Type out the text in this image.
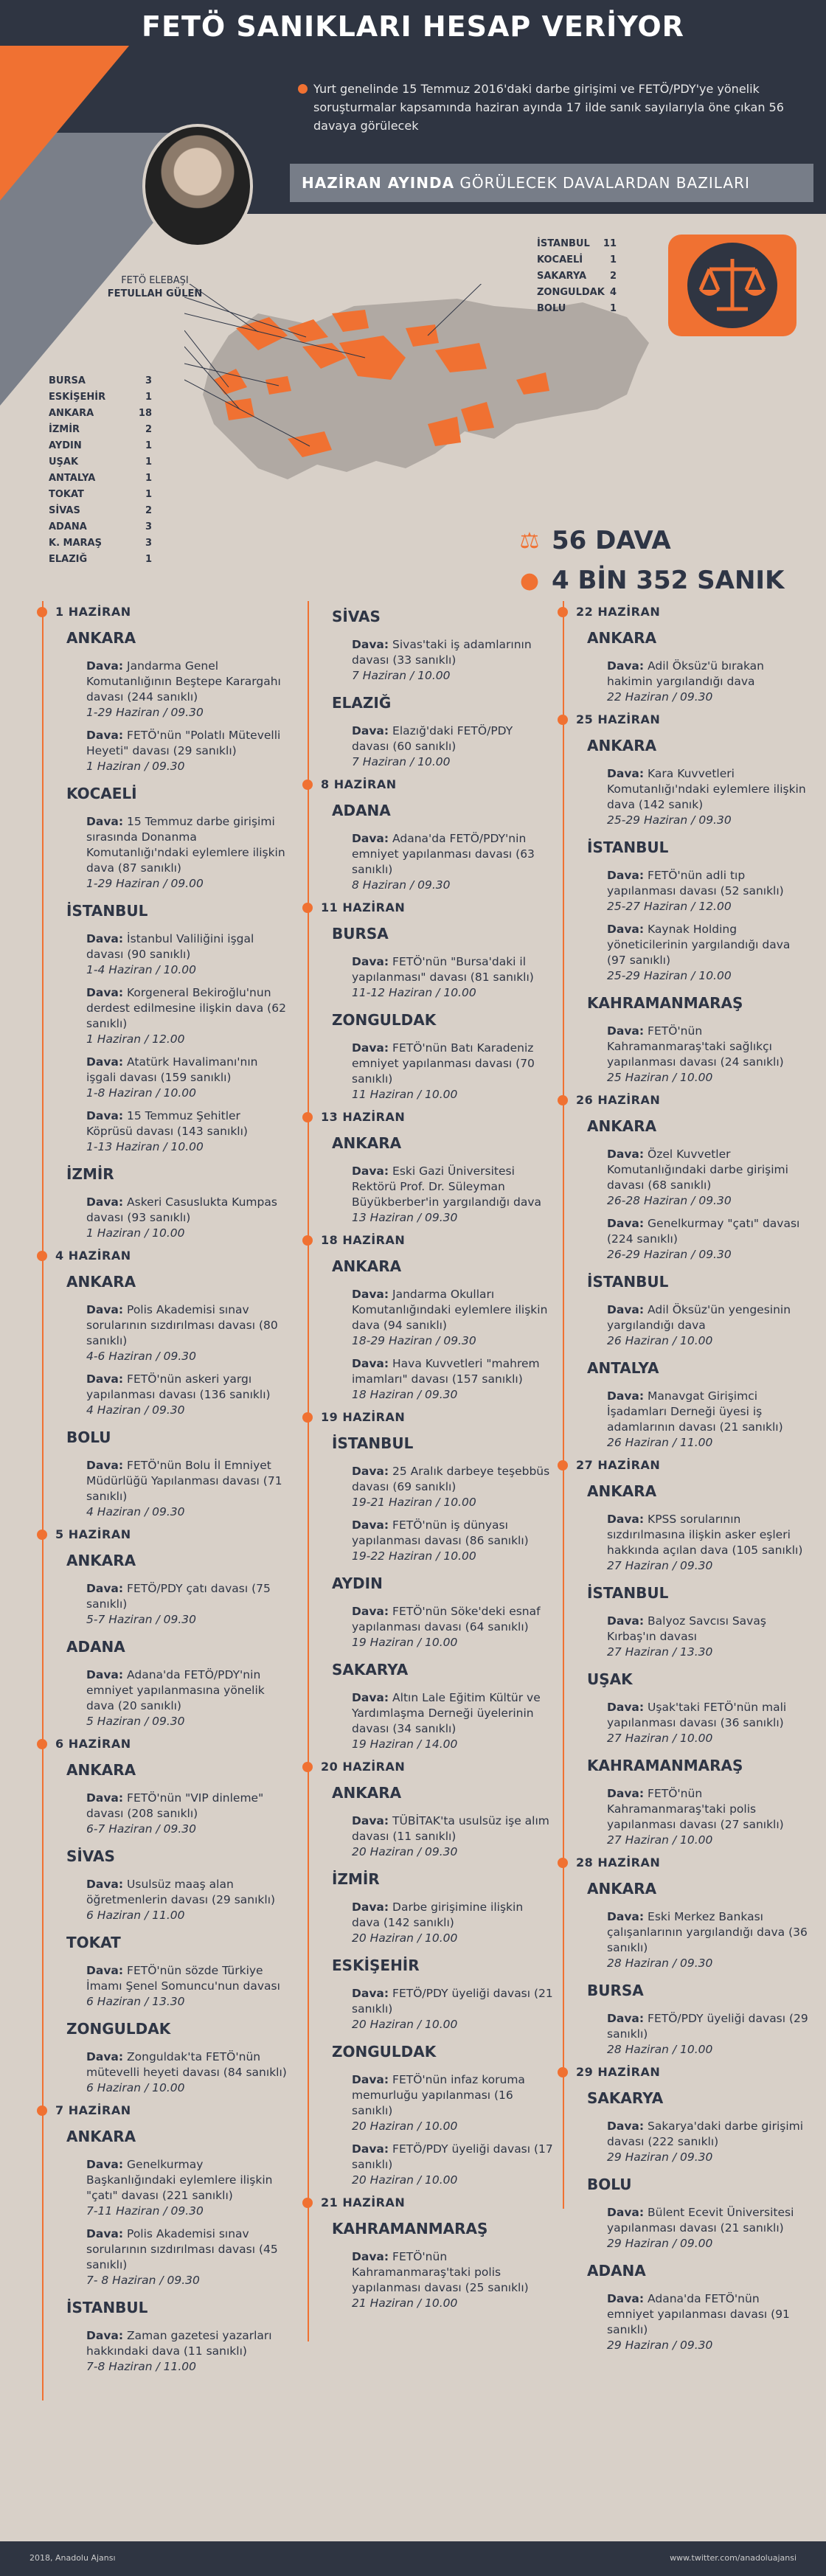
FETÖ SANIKLARI HESAP VERİYOR
Yurt genelinde 15 Temmuz 2016'daki darbe girişimi ve FETÖ/PDY'ye yönelik soruşturmalar kapsamında haziran ayında 17 ilde sanık sayılarıyla öne çıkan 56 davaya görülecek
HAZİRAN AYINDA GÖRÜLECEK DAVALARDAN BAZILARI
FETÖ ELEBAŞI
FETULLAH GÜLEN
İSTANBUL 11
KOCAELİ	1
SAKARYA 2
ZONGULDAK 4
BOLU	1
BURSA	3
ESKİŞEHİR	1
ANKARA	18
İZMİR	2
AYDIN	1
UŞAK	1
ANTALYA	1
TOKAT	1
SİVAS	2
ADANA	3
K. MARAŞ	3
ELAZIĞ	1
⚖ 56 DAVA
● 4 BİN 352 SANIK
1 HAZİRAN
ANKARA
Dava: Jandarma Genel Komutanlığının Beştepe Karargahı davası (244 sanıklı)
1-29 Haziran / 09.30
Dava: FETÖ'nün "Polatlı Mütevelli Heyeti" davası (29 sanıklı)
1 Haziran / 09.30
KOCAELİ
Dava: 15 Temmuz darbe girişimi sırasında Donanma Komutanlığı'ndaki eylemlere ilişkin dava (87 sanıklı)
1-29 Haziran / 09.00
İSTANBUL
Dava: İstanbul Valiliğini işgal davası (90 sanıklı)
1-4 Haziran / 10.00
Dava: Korgeneral Bekiroğlu'nun derdest edilmesine ilişkin dava (62 sanıklı)
1 Haziran / 12.00
Dava: Atatürk Havalimanı'nın işgali davası (159 sanıklı)
1-8 Haziran / 10.00
Dava: 15 Temmuz Şehitler Köprüsü davası (143 sanıklı)
1-13 Haziran / 10.00
İZMİR
Dava: Askeri Casuslukta Kumpas davası (93 sanıklı)
1 Haziran / 10.00
4 HAZİRAN
ANKARA
Dava: Polis Akademisi sınav sorularının sızdırılması davası (80 sanıklı)
4-6 Haziran / 09.30
Dava: FETÖ'nün askeri yargı yapılanması davası (136 sanıklı)
4 Haziran / 09.30
BOLU
Dava: FETÖ'nün Bolu İl Emniyet Müdürlüğü Yapılanması davası (71 sanıklı)
4 Haziran / 09.30
5 HAZİRAN
ANKARA
Dava: FETÖ/PDY çatı davası (75 sanıklı)
5-7 Haziran / 09.30
ADANA
Dava: Adana'da FETÖ/PDY'nin emniyet yapılanmasına yönelik dava (20 sanıklı)
5 Haziran / 09.30
6 HAZİRAN
ANKARA
Dava: FETÖ'nün "VIP dinleme" davası (208 sanıklı)
6-7 Haziran / 09.30
SİVAS
Dava: Usulsüz maaş alan öğretmenlerin davası (29 sanıklı)
6 Haziran / 11.00
TOKAT
Dava: FETÖ'nün sözde Türkiye İmamı Şenel Somuncu'nun davası
6 Haziran / 13.30
ZONGULDAK
Dava: Zonguldak'ta FETÖ'nün mütevelli heyeti davası (84 sanıklı)
6 Haziran / 10.00
7 HAZİRAN
ANKARA
Dava: Genelkurmay Başkanlığındaki eylemlere ilişkin "çatı" davası (221 sanıklı)
7-11 Haziran / 09.30
Dava: Polis Akademisi sınav sorularının sızdırılması davası (45 sanıklı)
7- 8 Haziran / 09.30
İSTANBUL
Dava: Zaman gazetesi yazarları hakkındaki dava (11 sanıklı)
7-8 Haziran / 11.00
SİVAS
Dava: Sivas'taki iş adamlarının davası (33 sanıklı)
7 Haziran / 10.00
ELAZIĞ
Dava: Elazığ'daki FETÖ/PDY davası (60 sanıklı)
7 Haziran / 10.00
8 HAZİRAN
ADANA
Dava: Adana'da FETÖ/PDY'nin emniyet yapılanması davası (63 sanıklı)
8 Haziran / 09.30
11 HAZİRAN
BURSA
Dava: FETÖ'nün "Bursa'daki il yapılanması" davası (81 sanıklı)
11-12 Haziran / 10.00
ZONGULDAK
Dava: FETÖ'nün Batı Karadeniz emniyet yapılanması davası (70 sanıklı)
11 Haziran / 10.00
13 HAZİRAN
ANKARA
Dava: Eski Gazi Üniversitesi Rektörü Prof. Dr. Süleyman Büyükberber'in yargılandığı dava
13 Haziran / 09.30
18 HAZİRAN
ANKARA
Dava: Jandarma Okulları Komutanlığındaki eylemlere ilişkin dava (94 sanıklı)
18-29 Haziran / 09.30
Dava: Hava Kuvvetleri "mahrem imamları" davası (157 sanıklı)
18 Haziran / 09.30
19 HAZİRAN
İSTANBUL
Dava: 25 Aralık darbeye teşebbüs davası (69 sanıklı)
19-21 Haziran / 10.00
Dava: FETÖ'nün iş dünyası yapılanması davası (86 sanıklı)
19-22 Haziran / 10.00
AYDIN
Dava: FETÖ'nün Söke'deki esnaf yapılanması davası (64 sanıklı)
19 Haziran / 10.00
SAKARYA
Dava: Altın Lale Eğitim Kültür ve Yardımlaşma Derneği üyelerinin davası (34 sanıklı)
19 Haziran / 14.00
20 HAZİRAN
ANKARA
Dava: TÜBİTAK'ta usulsüz işe alım davası (11 sanıklı)
20 Haziran / 09.30
İZMİR
Dava: Darbe girişimine ilişkin dava (142 sanıklı)
20 Haziran / 10.00
ESKİŞEHİR
Dava: FETÖ/PDY üyeliği davası (21 sanıklı)
20 Haziran / 10.00
ZONGULDAK
Dava: FETÖ'nün infaz koruma memurluğu yapılanması (16 sanıklı)
20 Haziran / 10.00
Dava: FETÖ/PDY üyeliği davası (17 sanıklı)
20 Haziran / 10.00
21 HAZİRAN
KAHRAMANMARAŞ
Dava: FETÖ'nün Kahramanmaraş'taki polis yapılanması davası (25 sanıklı)
21 Haziran / 10.00
22 HAZİRAN
ANKARA
Dava: Adil Öksüz'ü bırakan hakimin yargılandığı dava
22 Haziran / 09.30
25 HAZİRAN
ANKARA
Dava: Kara Kuvvetleri Komutanlığı'ndaki eylemlere ilişkin dava (142 sanık)
25-29 Haziran / 09.30
İSTANBUL
Dava: FETÖ'nün adli tıp yapılanması davası (52 sanıklı)
25-27 Haziran / 12.00
Dava: Kaynak Holding yöneticilerinin yargılandığı dava (97 sanıklı)
25-29 Haziran / 10.00
KAHRAMANMARAŞ
Dava: FETÖ'nün Kahramanmaraş'taki sağlıkçı yapılanması davası (24 sanıklı)
25 Haziran / 10.00
26 HAZİRAN
ANKARA
Dava: Özel Kuvvetler Komutanlığındaki darbe girişimi davası (68 sanıklı)
26-28 Haziran / 09.30
Dava: Genelkurmay "çatı" davası (224 sanıklı)
26-29 Haziran / 09.30
İSTANBUL
Dava: Adil Öksüz'ün yengesinin yargılandığı dava
26 Haziran / 10.00
ANTALYA
Dava: Manavgat Girişimci İşadamları Derneği üyesi iş adamlarının davası (21 sanıklı)
26 Haziran / 11.00
27 HAZİRAN
ANKARA
Dava: KPSS sorularının sızdırılmasına ilişkin asker eşleri hakkında açılan dava (105 sanıklı)
27 Haziran / 09.30
İSTANBUL
Dava: Balyoz Savcısı Savaş Kırbaş'ın davası
27 Haziran / 13.30
UŞAK
Dava: Uşak'taki FETÖ'nün mali yapılanması davası (36 sanıklı)
27 Haziran / 10.00
KAHRAMANMARAŞ
Dava: FETÖ'nün Kahramanmaraş'taki polis yapılanması davası (27 sanıklı)
27 Haziran / 10.00
28 HAZİRAN
ANKARA
Dava: Eski Merkez Bankası çalışanlarının yargılandığı dava (36 sanıklı)
28 Haziran / 09.30
BURSA
Dava: FETÖ/PDY üyeliği davası (29 sanıklı)
28 Haziran / 10.00
29 HAZİRAN
SAKARYA
Dava: Sakarya'daki darbe girişimi davası (222 sanıklı)
29 Haziran / 09.30
BOLU
Dava: Bülent Ecevit Üniversitesi yapılanması davası (21 sanıklı)
29 Haziran / 09.00
ADANA
Dava: Adana'da FETÖ'nün emniyet yapılanması davası (91 sanıklı)
29 Haziran / 09.30
2018, Anadolu Ajansı	www.twitter.com/anadoluajansi
